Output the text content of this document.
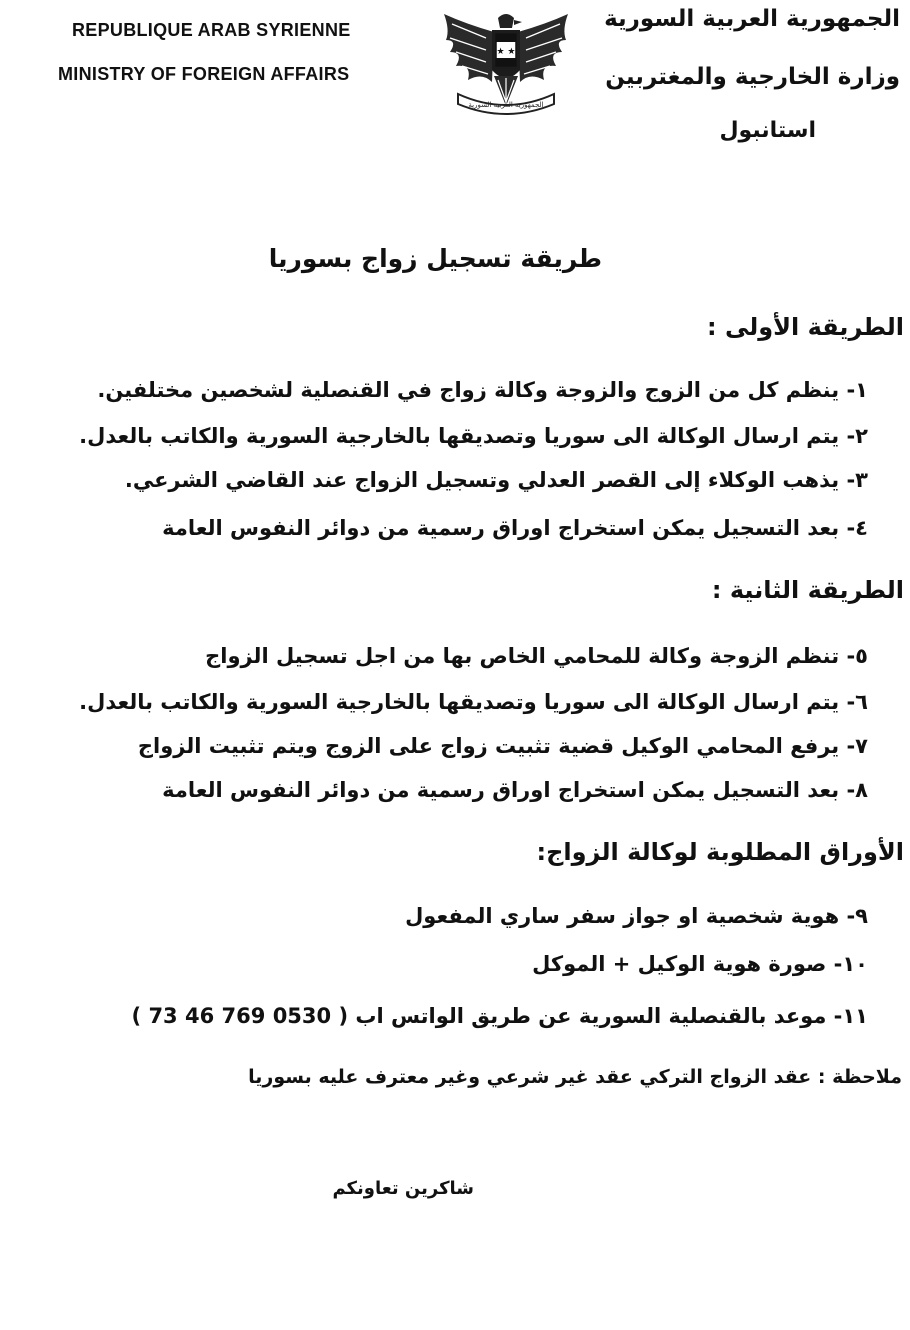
REPUBLIQUE ARAB SYRIENNE
MINISTRY OF FOREIGN AFFAIRS
★ ★
الجمهورية العربية السورية
الجمهورية العربية السورية
وزارة الخارجية والمغتربين
استانبول
طريقة تسجيل زواج بسوريا
الطريقة الأولى :
١- ينظم كل من الزوج والزوجة وكالة زواج في القنصلية لشخصين مختلفين.
٢- يتم ارسال الوكالة الى سوريا وتصديقها بالخارجية السورية والكاتب بالعدل.
٣- يذهب الوكلاء إلى القصر العدلي وتسجيل الزواج عند القاضي الشرعي.
٤- بعد التسجيل يمكن استخراج اوراق رسمية من دوائر النفوس العامة
الطريقة الثانية :
٥- تنظم الزوجة وكالة للمحامي الخاص بها من اجل تسجيل الزواج
٦- يتم ارسال الوكالة الى سوريا وتصديقها بالخارجية السورية والكاتب بالعدل.
٧- يرفع المحامي الوكيل قضية تثبيت زواج على الزوج ويتم تثبيت الزواج
٨- بعد التسجيل يمكن استخراج اوراق رسمية من دوائر النفوس العامة
الأوراق المطلوبة لوكالة الزواج:
٩- هوية شخصية او جواز سفر ساري المفعول
١٠- صورة هوية الوكيل + الموكل
١١- موعد بالقنصلية السورية عن طريق الواتس اب ( 0530 769 46 73 )
ملاحظة : عقد الزواج التركي عقد غير شرعي وغير معترف عليه بسوريا
شاكرين تعاونكم
